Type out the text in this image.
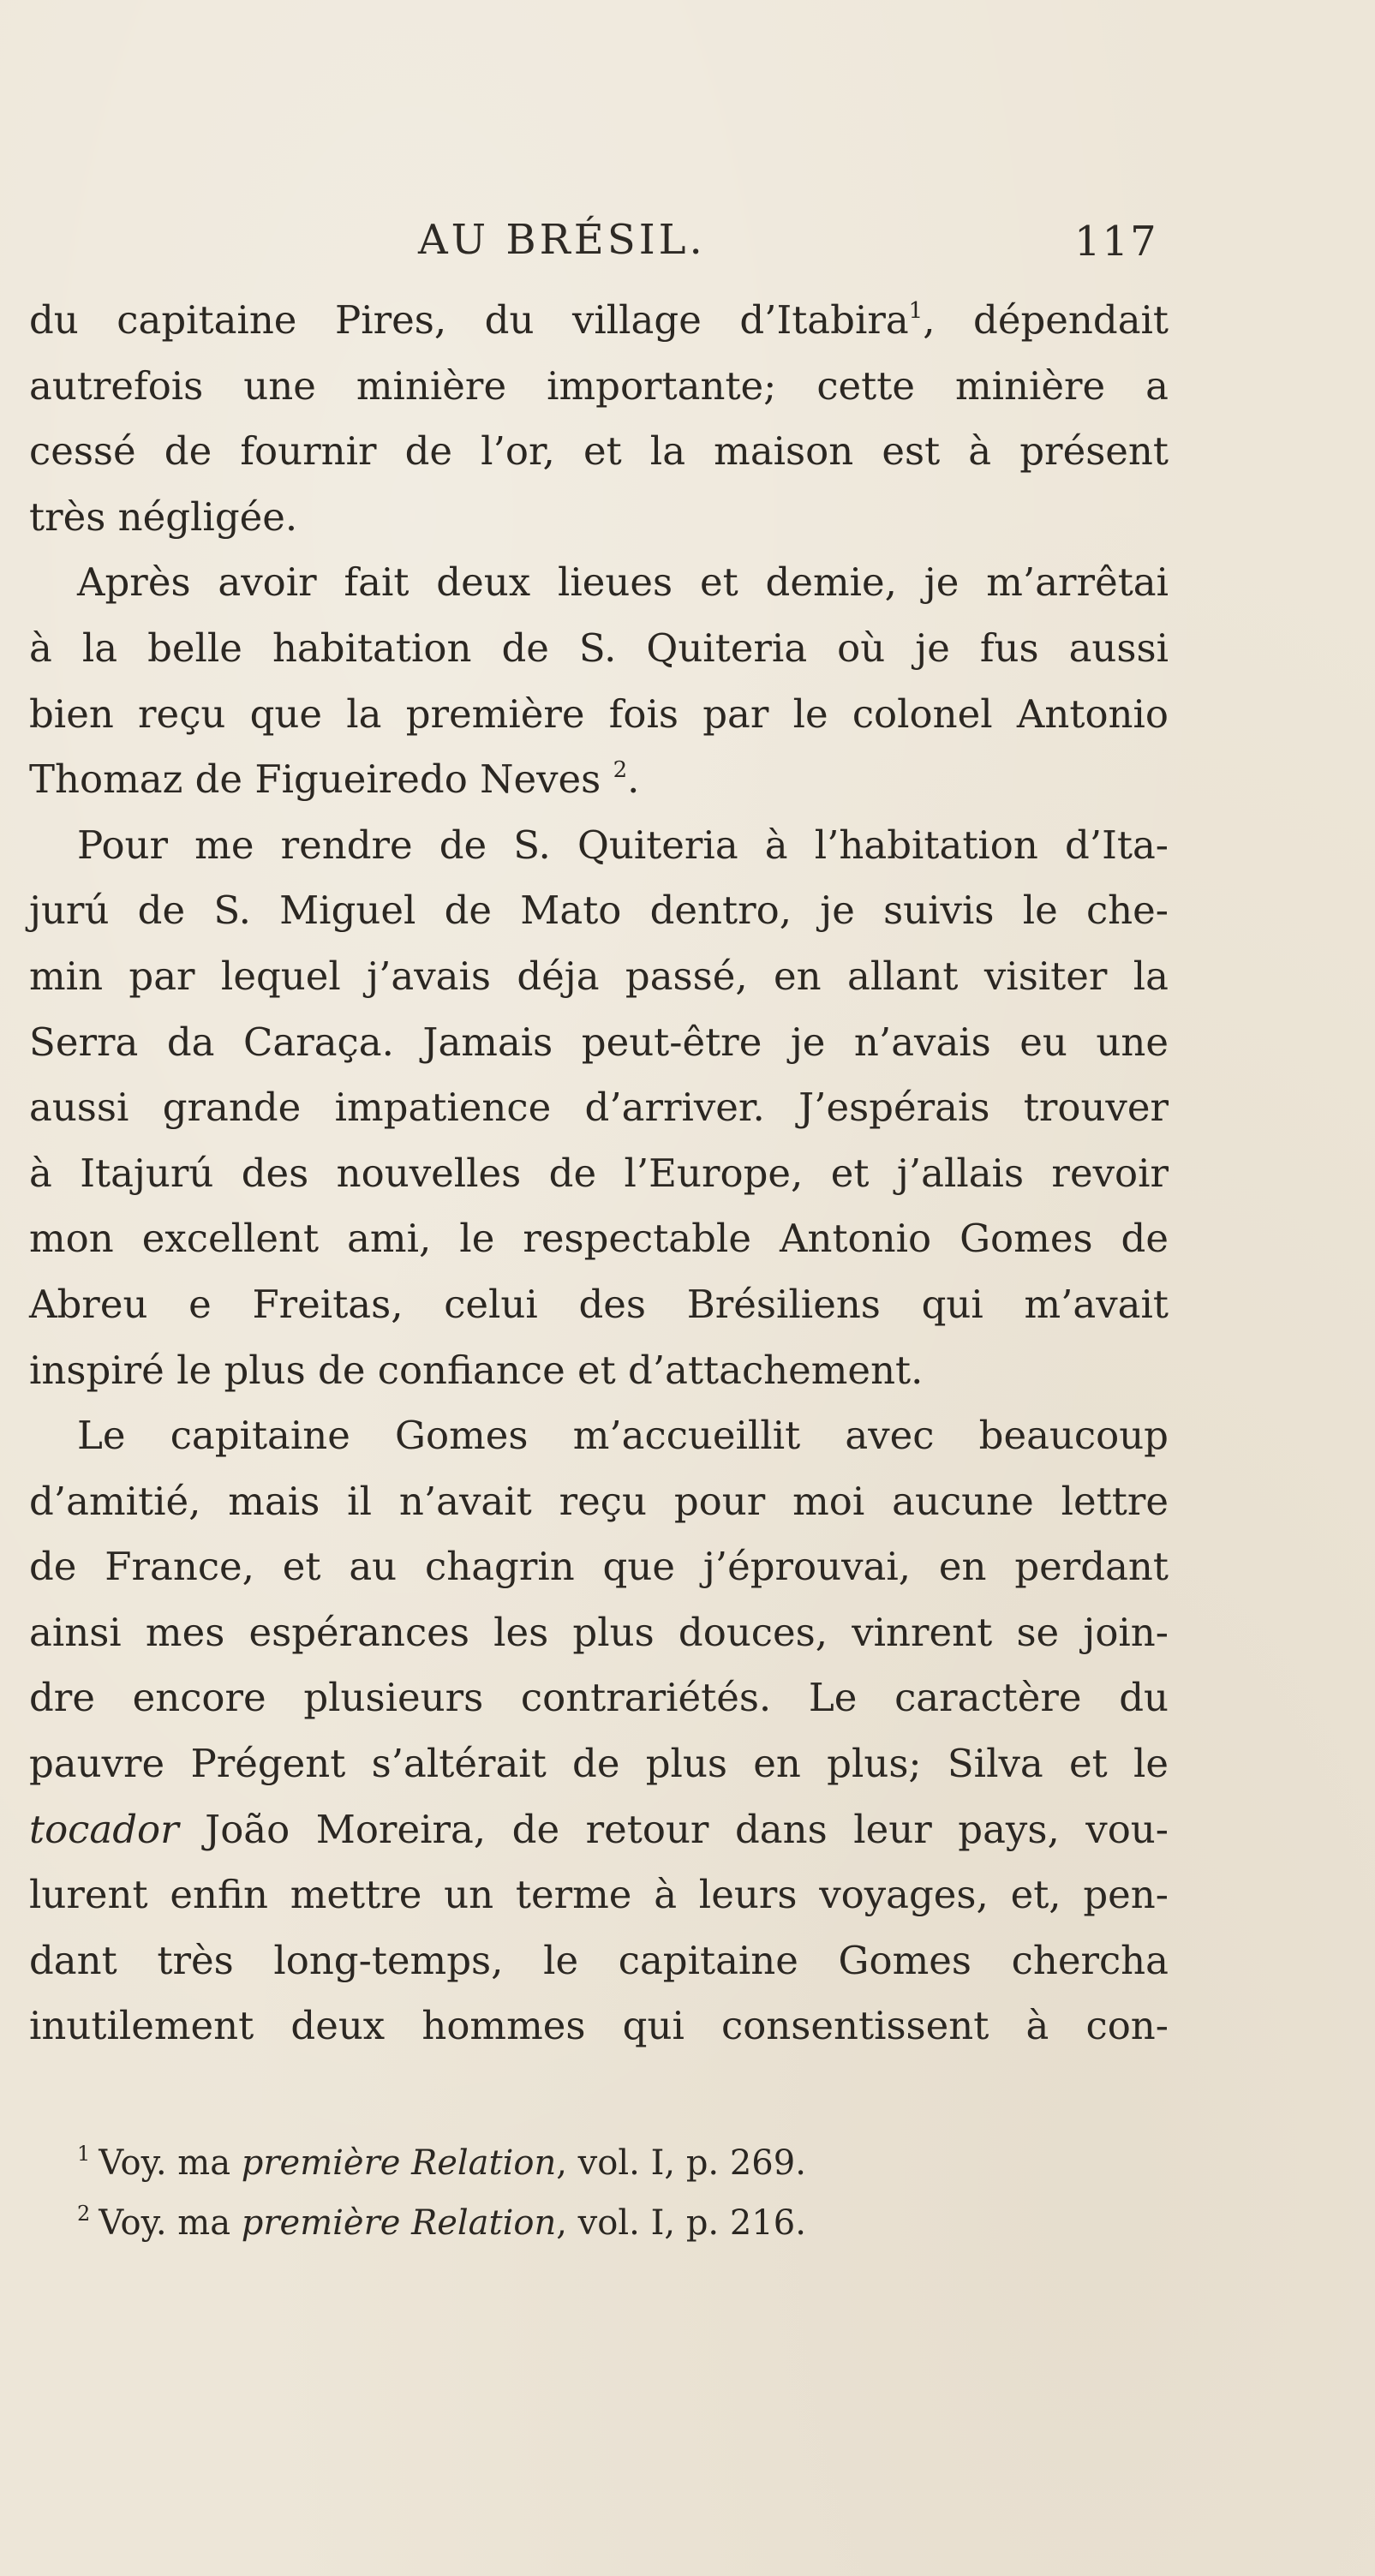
AU BRÉSIL.	117
du capitaine Pires, du village d’Itabira$^1$, dépendait
autrefois une minière importante; cette minière a
cessé de fournir de l’or, et la maison est à présent
très négligée.
Après avoir fait deux lieues et demie, je m’arrêtai
à la belle habitation de S. Quiteria où je fus aussi
bien reçu que la première fois par le colonel Antonio
Thomaz de Figueiredo Neves $^2$.
Pour me rendre de S. Quiteria à l’habitation d’Ita-
jurú de S. Miguel de Mato dentro, je suivis le che-
min par lequel j’avais déja passé, en allant visiter la
Serra da Caraça. Jamais peut-être je n’avais eu une
aussi grande impatience d’arriver. J’espérais trouver
à Itajurú des nouvelles de l’Europe, et j’allais revoir
mon excellent ami, le respectable Antonio Gomes de
Abreu e Freitas, celui des Brésiliens qui m’avait
inspiré le plus de confiance et d’attachement.
Le capitaine Gomes m’accueillit avec beaucoup
d’amitié, mais il n’avait reçu pour moi aucune lettre
de France, et au chagrin que j’éprouvai, en perdant
ainsi mes espérances les plus douces, vinrent se join-
dre encore plusieurs contrariétés. Le caractère du
pauvre Prégent s’altérait de plus en plus; Silva et le
tocador João Moreira, de retour dans leur pays, vou-
lurent enfin mettre un terme à leurs voyages, et, pen-
dant très long-temps, le capitaine Gomes chercha
inutilement deux hommes qui consentissent à con-
$^1$ Voy. ma première Relation, vol. I, p. 269.
$^2$ Voy. ma première Relation, vol. I, p. 216.
